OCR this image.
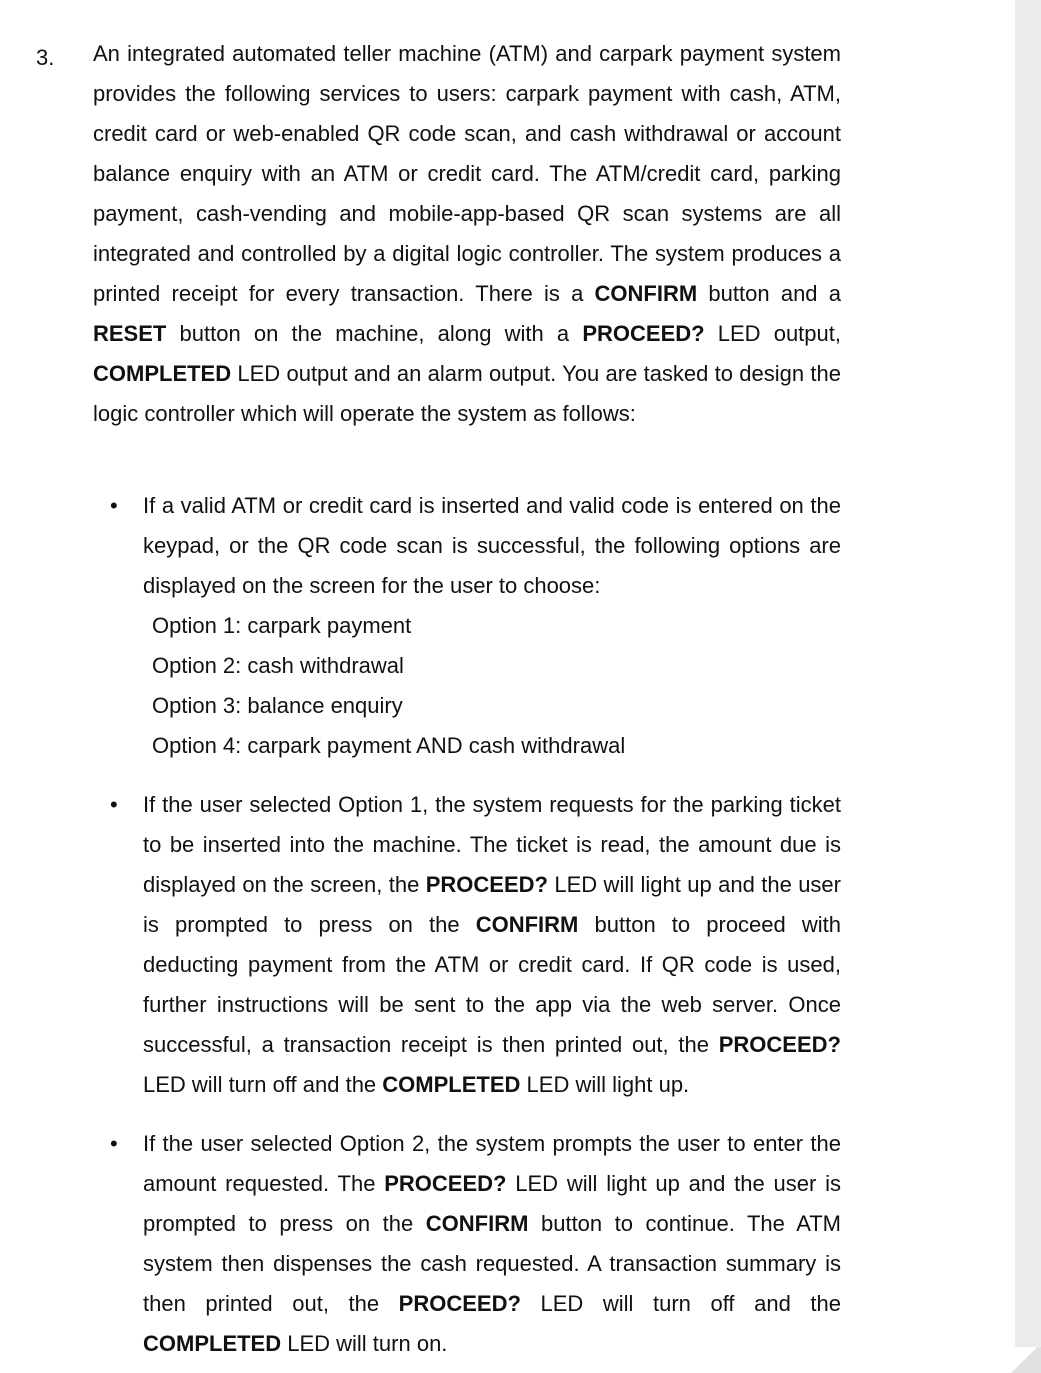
3. An integrated automated teller machine (ATM) and carpark payment system provides the following services to users: carpark payment with cash, ATM, credit card or web-enabled QR code scan, and cash withdrawal or account balance enquiry with an ATM or credit card. The ATM/credit card, parking payment, cash-vending and mobile-app-based QR scan systems are all integrated and controlled by a digital logic controller. The system produces a printed receipt for every transaction. There is a CONFIRM button and a RESET button on the machine, along with a PROCEED? LED output, COMPLETED LED output and an alarm output. You are tasked to design the logic controller which will operate the system as follows:
• If a valid ATM or credit card is inserted and valid code is entered on the keypad, or the QR code scan is successful, the following options are displayed on the screen for the user to choose:
Option 1: carpark payment
Option 2: cash withdrawal
Option 3: balance enquiry
Option 4: carpark payment AND cash withdrawal
• If the user selected Option 1, the system requests for the parking ticket to be inserted into the machine. The ticket is read, the amount due is displayed on the screen, the PROCEED? LED will light up and the user is prompted to press on the CONFIRM button to proceed with deducting payment from the ATM or credit card. If QR code is used, further instructions will be sent to the app via the web server. Once successful, a transaction receipt is then printed out, the PROCEED? LED will turn off and the COMPLETED LED will light up.
• If the user selected Option 2, the system prompts the user to enter the amount requested. The PROCEED? LED will light up and the user is prompted to press on the CONFIRM button to continue. The ATM system then dispenses the cash requested. A transaction summary is then printed out, the PROCEED? LED will turn off and the COMPLETED LED will turn on.
